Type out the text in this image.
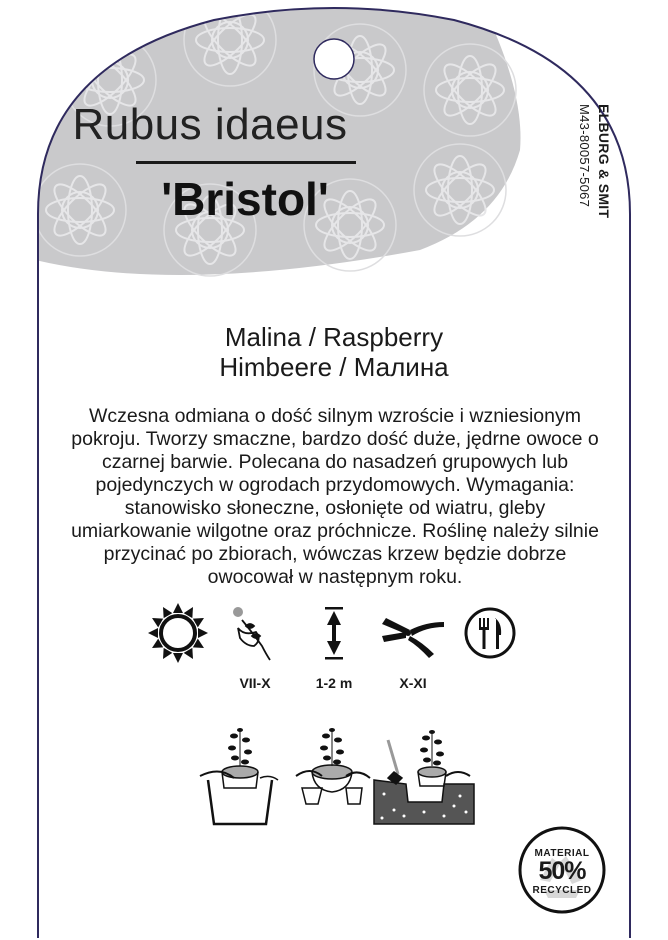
Rubus idaeus
'Bristol'
Malina / Raspberry
Himbeere / Малина
Wczesna odmiana o dość silnym wzroście i wzniesionym pokroju. Tworzy smaczne, bardzo dość duże, jędrne owoce o czarnej barwie. Polecana do nasadzeń grupowych lub pojedynczych w ogrodach przydomowych. Wymagania: stanowisko słoneczne, osłonięte od wiatru, gleby umiarkowanie wilgotne oraz próchnicze. Roślinę należy silnie przycinać po zbiorach, wówczas krzew będzie dobrze owocował w następnym roku.
ELBURG & SMIT
M43-80057-5067
VII-X	1-2 m	X-XI
MATERIAL
50%
RECYCLED
